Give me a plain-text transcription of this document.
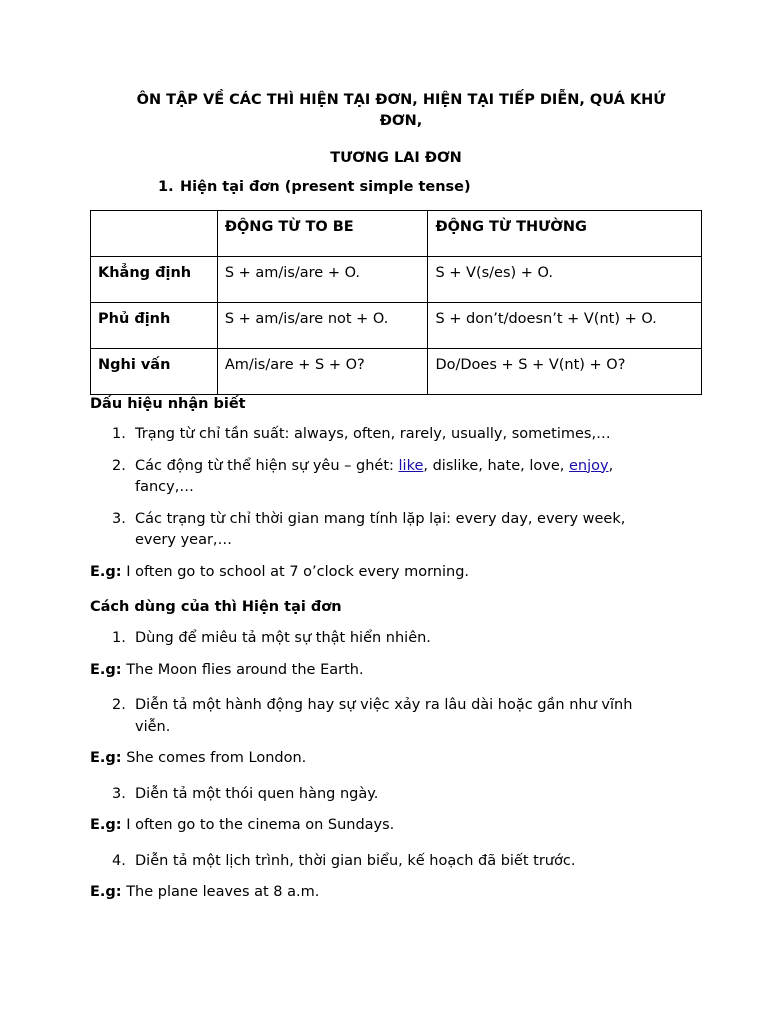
ÔN TẬP VỀ CÁC THÌ HIỆN TẠI ĐƠN, HIỆN TẠI TIẾP DIỄN, QUÁ KHỨ ĐƠN,

TƯƠNG LAI ĐƠN

1. Hiện tại đơn (present simple tense)

	ĐỘNG TỪ TO BE	ĐỘNG TỪ THƯỜNG
Khẳng định	S + am/is/are + O.	S + V(s/es) + O.
Phủ định	S + am/is/are not + O.	S + don’t/doesn’t + V(nt) + O.
Nghi vấn	Am/is/are + S + O?	Do/Does + S + V(nt) + O?

Dấu hiệu nhận biết

1. Trạng từ chỉ tần suất: always, often, rarely, usually, sometimes,…
2. Các động từ thể hiện sự yêu – ghét: like, dislike, hate, love, enjoy, fancy,…
3. Các trạng từ chỉ thời gian mang tính lặp lại: every day, every week, every year,…

E.g: I often go to school at 7 o’clock every morning.

Cách dùng của thì Hiện tại đơn

1. Dùng để miêu tả một sự thật hiển nhiên.

E.g: The Moon flies around the Earth.

2. Diễn tả một hành động hay sự việc xảy ra lâu dài hoặc gần như vĩnh viễn.

E.g: She comes from London.

3. Diễn tả một thói quen hàng ngày.

E.g: I often go to the cinema on Sundays.

4. Diễn tả một lịch trình, thời gian biểu, kế hoạch đã biết trước.

E.g: The plane leaves at 8 a.m.
